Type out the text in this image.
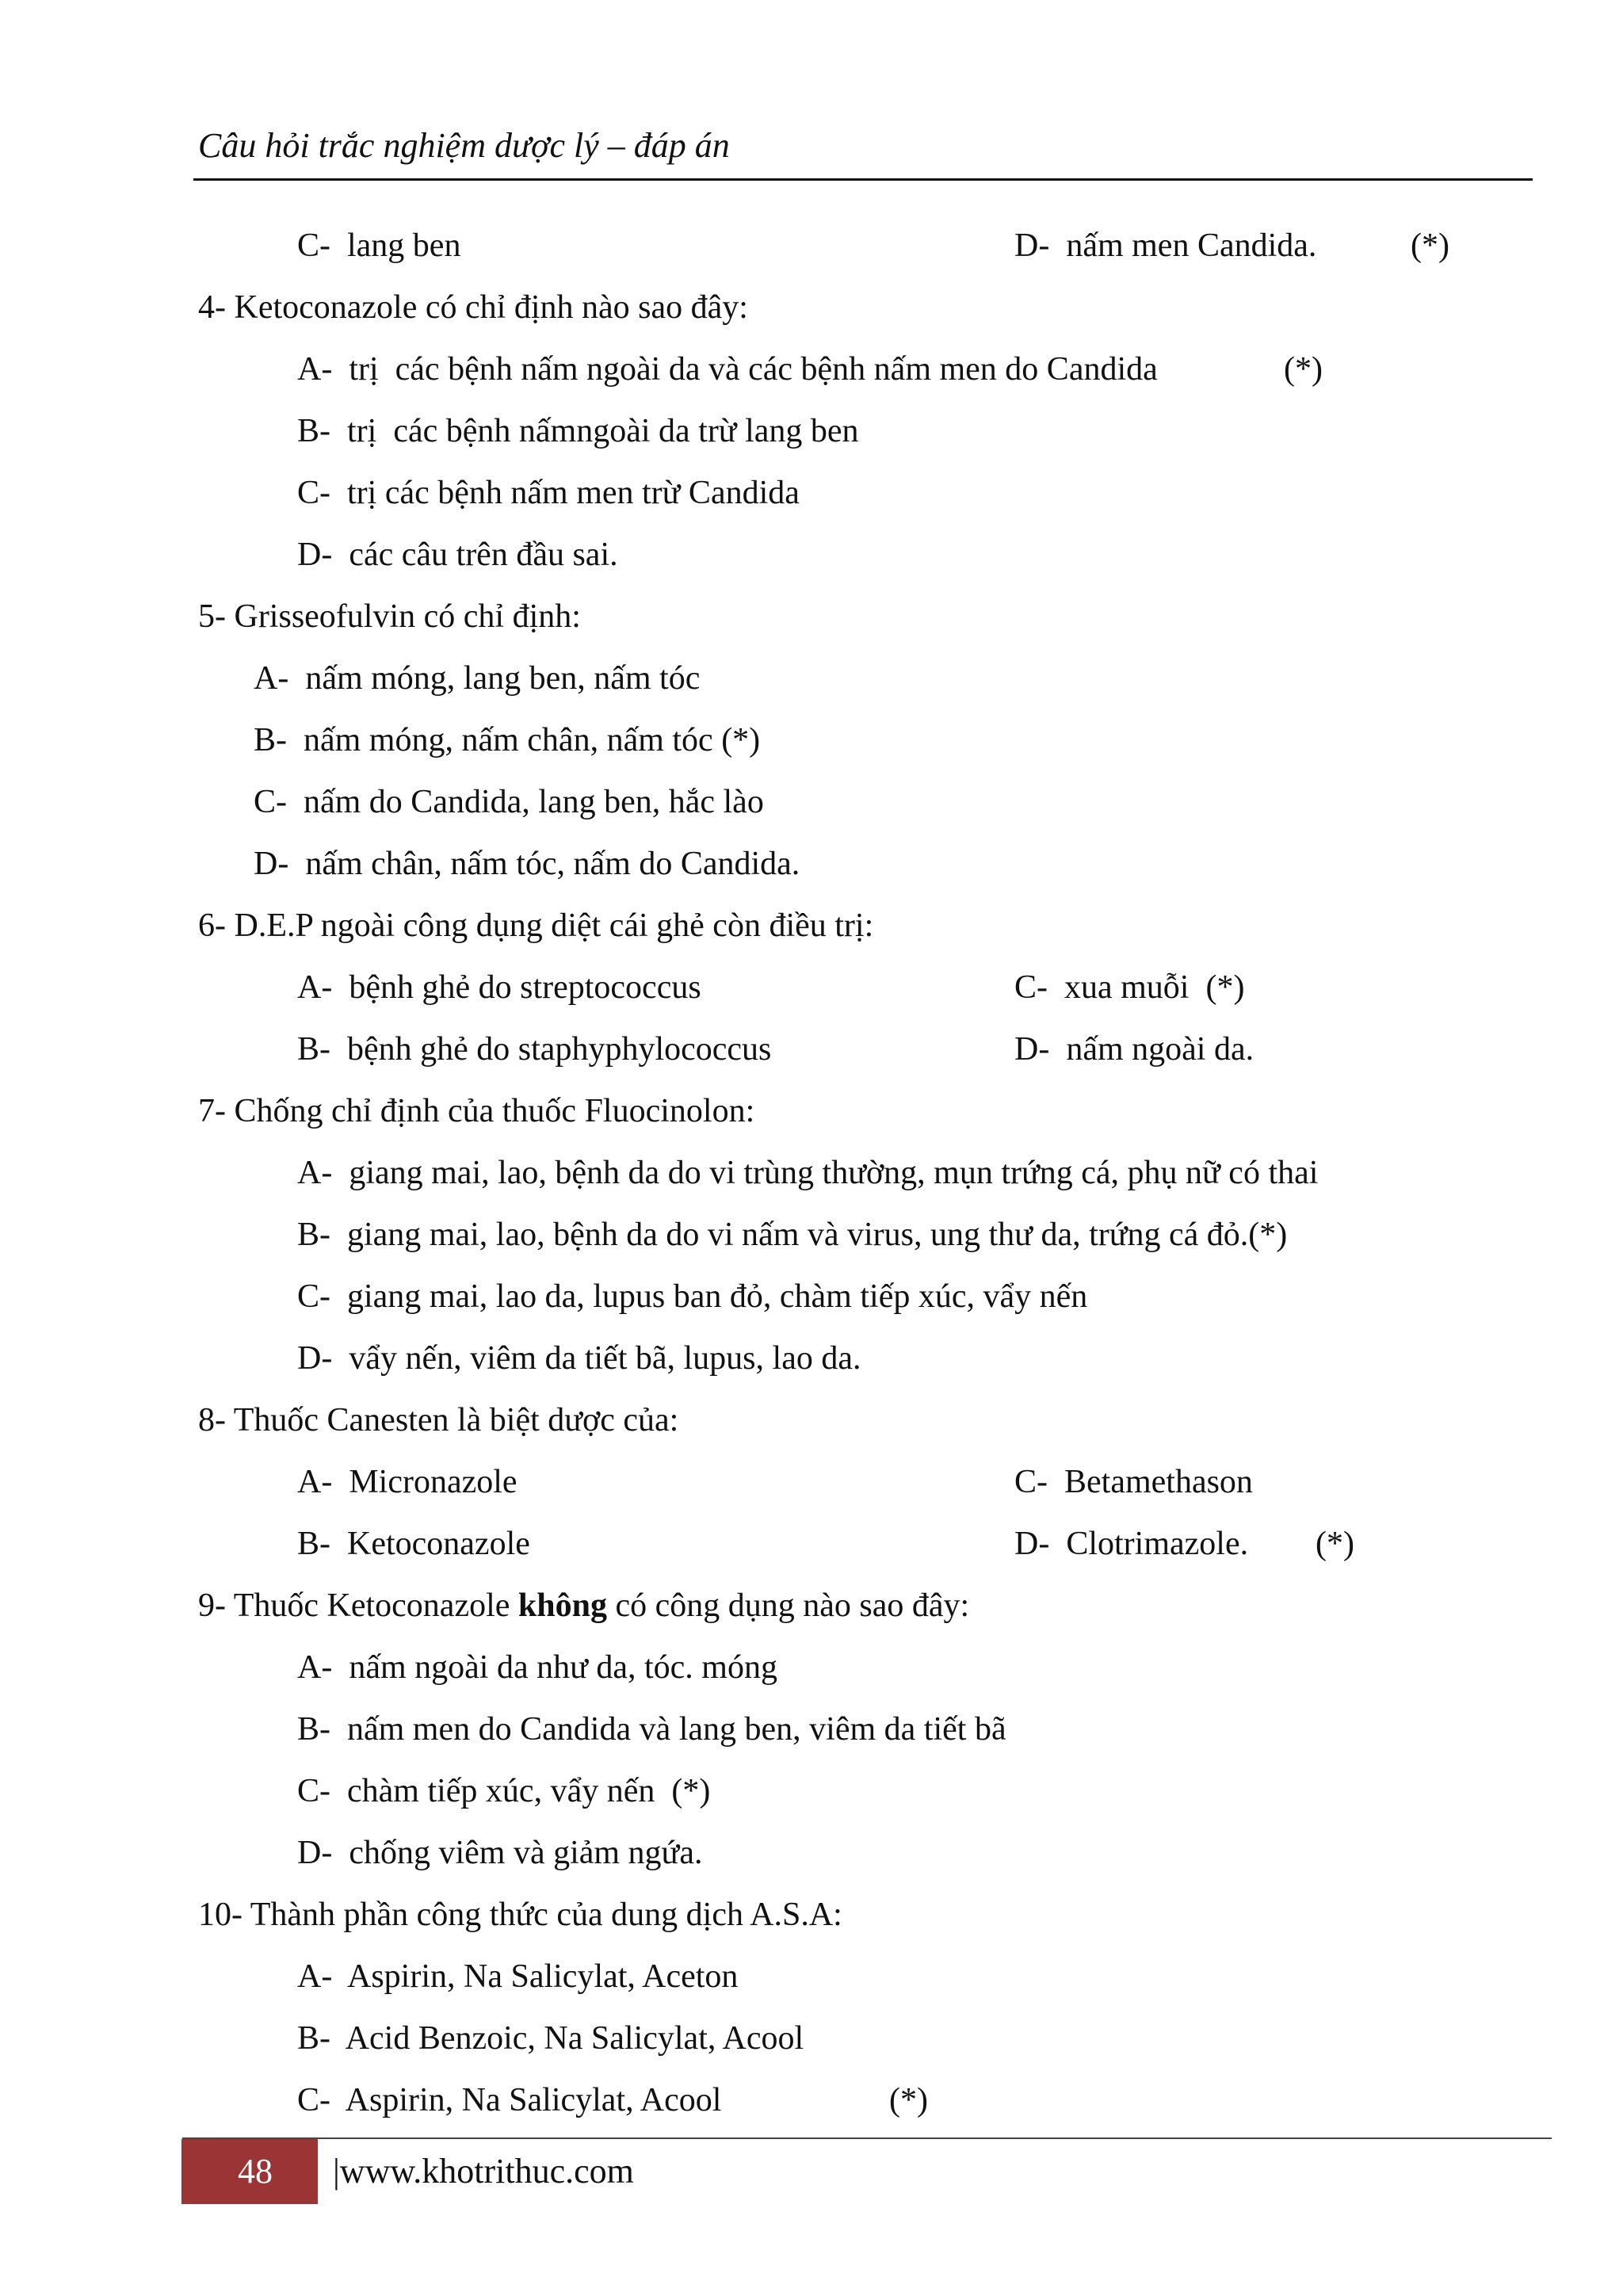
Câu hỏi trắc nghiệm dược lý – đáp án
C-  lang ben	D-  nấm men Candida.	(*)
4- Ketoconazole có chỉ định nào sao đây:
A-  trị  các bệnh nấm ngoài da và các bệnh nấm men do Candida	(*)
B-  trị  các bệnh nấmngoài da trừ lang ben
C-  trị các bệnh nấm men trừ Candida
D-  các câu trên đầu sai.
5- Grisseofulvin có chỉ định:
A-  nấm móng, lang ben, nấm tóc
B-  nấm móng, nấm chân, nấm tóc (*)
C-  nấm do Candida, lang ben, hắc lào
D-  nấm chân, nấm tóc, nấm do Candida.
6- D.E.P ngoài công dụng diệt cái ghẻ còn điều trị:
A-  bệnh ghẻ do streptococcus	C-  xua muỗi  (*)
B-  bệnh ghẻ do staphyphylococcus	D-  nấm ngoài da.
7- Chống chỉ định của thuốc Fluocinolon:
A-  giang mai, lao, bệnh da do vi trùng thường, mụn trứng cá, phụ nữ có thai
B-  giang mai, lao, bệnh da do vi nấm và virus, ung thư da, trứng cá đỏ.(*)
C-  giang mai, lao da, lupus ban đỏ, chàm tiếp xúc, vẩy nến
D-  vẩy nến, viêm da tiết bã, lupus, lao da.
8- Thuốc Canesten là biệt dược của:
A-  Micronazole	C-  Betamethason
B-  Ketoconazole	D-  Clotrimazole. (*)
9- Thuốc Ketoconazole không có công dụng nào sao đây:
A-  nấm ngoài da như da, tóc. móng
B-  nấm men do Candida và lang ben, viêm da tiết bã
C-  chàm tiếp xúc, vẩy nến  (*)
D-  chống viêm và giảm ngứa.
10- Thành phần công thức của dung dịch A.S.A:
A-  Aspirin, Na Salicylat, Aceton
B-  Acid Benzoic, Na Salicylat, Acool
C-  Aspirin, Na Salicylat, Acool	(*)
48 |www.khotrithuc.com
